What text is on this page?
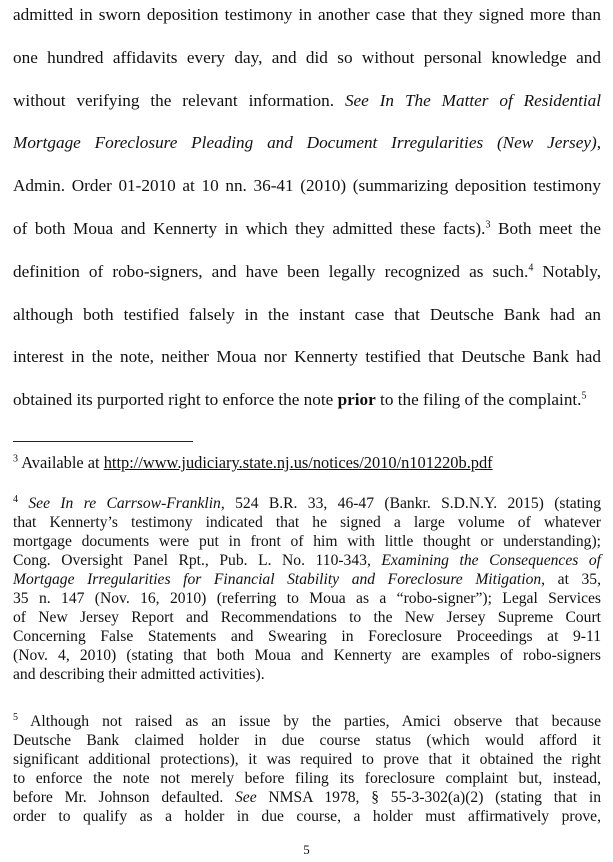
admitted in sworn deposition testimony in another case that they signed more than
one hundred affidavits every day, and did so without personal knowledge and
without verifying the relevant information. See In The Matter of Residential
Mortgage Foreclosure Pleading and Document Irregularities (New Jersey),
Admin. Order 01-2010 at 10 nn. 36-41 (2010) (summarizing deposition testimony
of both Moua and Kennerty in which they admitted these facts).$^3$ Both meet the
definition of robo-signers, and have been legally recognized as such.$^4$ Notably,
although both testified falsely in the instant case that Deutsche Bank had an
interest in the note, neither Moua nor Kennerty testified that Deutsche Bank had
obtained its purported right to enforce the note prior to the filing of the complaint.$^5$
$^3$ Available at http://www.judiciary.state.nj.us/notices/2010/n101220b.pdf
$^4$ See In re Carrsow-Franklin, 524 B.R. 33, 46-47 (Bankr. S.D.N.Y. 2015) (stating
that Kennerty’s testimony indicated that he signed a large volume of whatever
mortgage documents were put in front of him with little thought or understanding);
Cong. Oversight Panel Rpt., Pub. L. No. 110-343, Examining the Consequences of
Mortgage Irregularities for Financial Stability and Foreclosure Mitigation, at 35,
35 n. 147 (Nov. 16, 2010) (referring to Moua as a “robo-signer”); Legal Services
of New Jersey Report and Recommendations to the New Jersey Supreme Court
Concerning False Statements and Swearing in Foreclosure Proceedings at 9-11
(Nov. 4, 2010) (stating that both Moua and Kennerty are examples of robo-signers
and describing their admitted activities).
$^5$ Although not raised as an issue by the parties, Amici observe that because
Deutsche Bank claimed holder in due course status (which would afford it
significant additional protections), it was required to prove that it obtained the right
to enforce the note not merely before filing its foreclosure complaint but, instead,
before Mr. Johnson defaulted. See NMSA 1978, § 55-3-302(a)(2) (stating that in
order to qualify as a holder in due course, a holder must affirmatively prove,
5
